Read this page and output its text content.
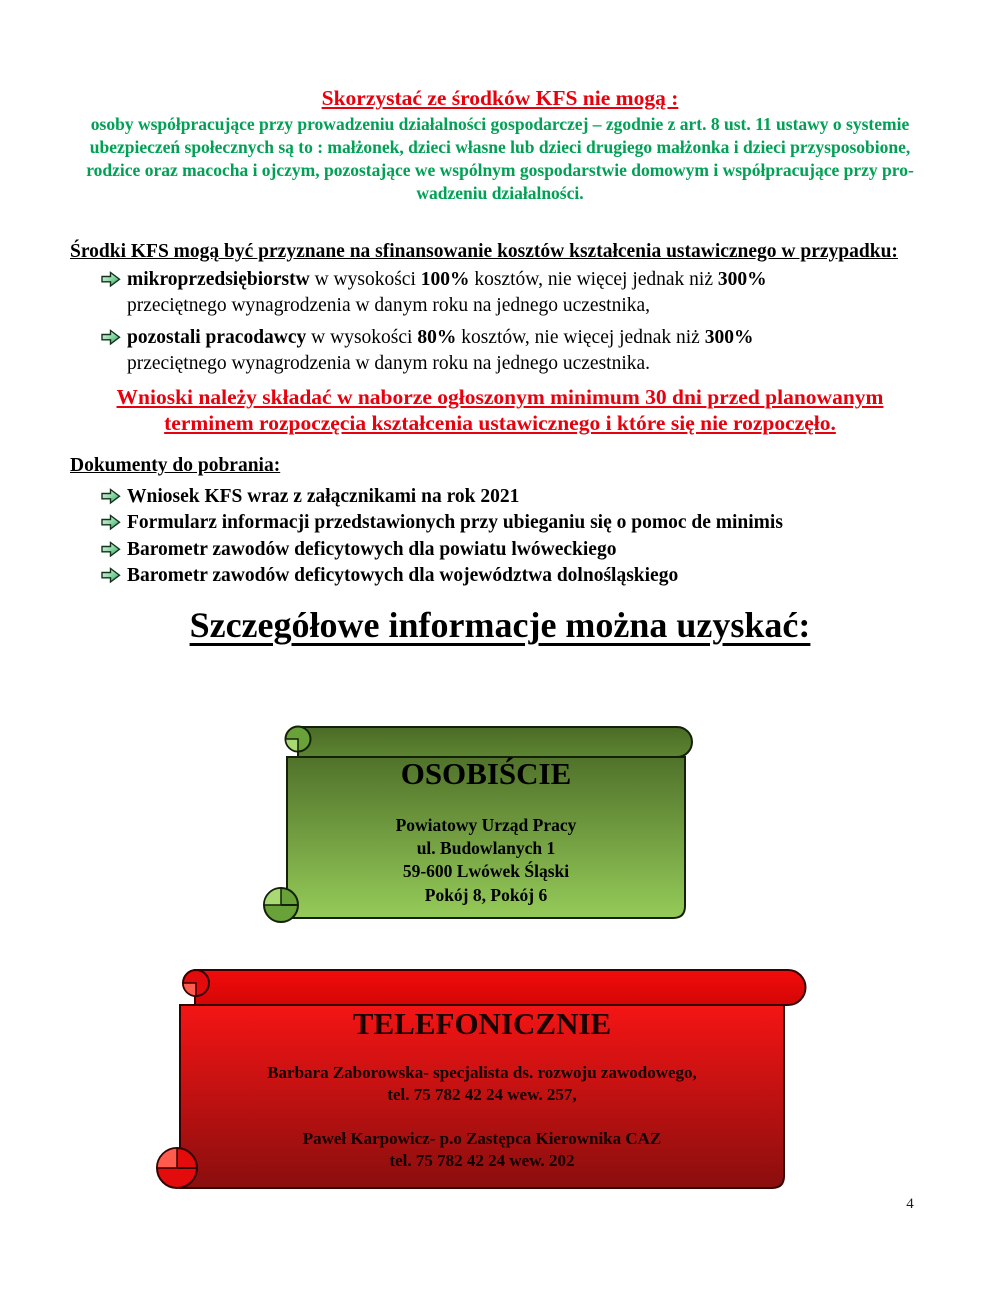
Skorzystać ze środków KFS nie mogą :
osoby współpracujące przy prowadzeniu działalności gospodarczej – zgodnie z art. 8 ust. 11 ustawy o systemie
ubezpieczeń społecznych są to : małżonek, dzieci własne lub dzieci drugiego małżonka i dzieci przysposobione,
rodzice oraz macocha i ojczym, pozostające we wspólnym gospodarstwie domowym i współpracujące przy pro-
wadzeniu działalności.
Środki KFS mogą być przyznane na sfinansowanie kosztów kształcenia ustawicznego w przypadku:
mikroprzedsiębiorstw w wysokości 100% kosztów, nie więcej jednak niż 300%
przeciętnego wynagrodzenia w danym roku na jednego uczestnika,
pozostali pracodawcy w wysokości 80% kosztów, nie więcej jednak niż 300%
przeciętnego wynagrodzenia w danym roku na jednego uczestnika.
Wnioski należy składać w naborze ogłoszonym minimum 30 dni przed planowanym
terminem rozpoczęcia kształcenia ustawicznego i które się nie rozpoczęło.
Dokumenty do pobrania:
Wniosek KFS wraz z załącznikami na rok 2021
Formularz informacji przedstawionych przy ubieganiu się o pomoc de minimis
Barometr zawodów deficytowych dla powiatu lwóweckiego
Barometr zawodów deficytowych dla województwa dolnośląskiego
Szczegółowe informacje można uzyskać:
OSOBIŚCIE
Powiatowy Urząd Pracy
ul. Budowlanych 1
59-600 Lwówek Śląski
Pokój 8, Pokój 6
TELEFONICZNIE
Barbara Zaborowska- specjalista ds. rozwoju zawodowego,
tel. 75 782 42 24 wew. 257,
Paweł Karpowicz- p.o Zastępca Kierownika CAZ
tel. 75 782 42 24 wew. 202
4
